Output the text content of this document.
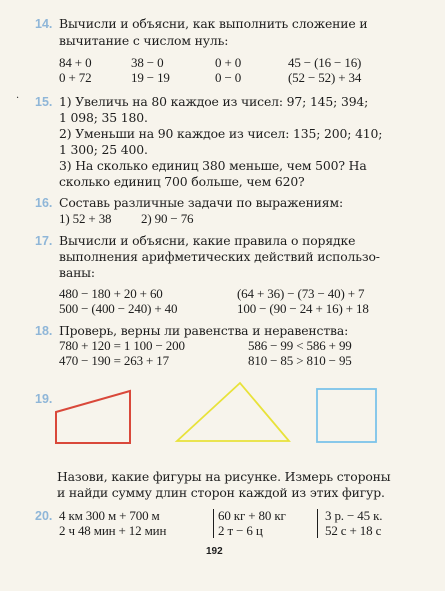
14. Вычисли и объясни, как выполнить сложение и
вычитание с числом нуль:
84 + 0
0 + 72
38 − 0
19 − 19
0 + 0
0 − 0
45 − (16 − 16)
(52 − 52) + 34
· 15. 1) Увеличь на 80 каждое из чисел: 97; 145; 394;
1 098; 35 180.
2) Уменьши на 90 каждое из чисел: 135; 200; 410;
1 300; 25 400.
3) На сколько единиц 380 меньше, чем 500? На
сколько единиц 700 больше, чем 620?
16. Составь различные задачи по выражениям:
1) 52 + 38 2) 90 − 76
17. Вычисли и объясни, какие правила о порядке
выполнения арифметических действий использо-
ваны:
480 − 180 + 20 + 60
500 − (400 − 240) + 40
(64 + 36) − (73 − 40) + 7
100 − (90 − 24 + 16) + 18
18. Проверь, верны ли равенства и неравенства:
780 + 120 = 1 100 − 200
470 − 190 = 263 + 17
586 − 99 < 586 + 99
810 − 85 > 810 − 95
19.
Назови, какие фигуры на рисунке. Измерь стороны
и найди сумму длин сторон каждой из этих фигур.
20. 4 км 300 м + 700 м
2 ч 48 мин + 12 мин
60 кг + 80 кг
2 т − 6 ц
3 р. − 45 к.
52 с + 18 с
192
